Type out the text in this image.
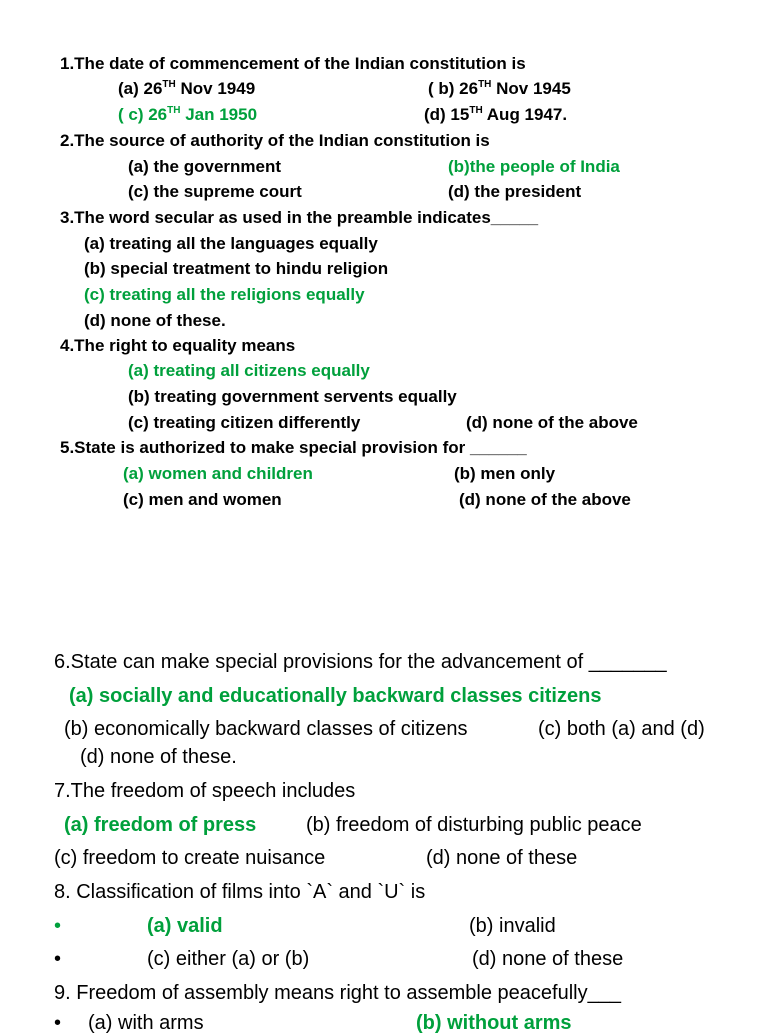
1.The date of commencement of the Indian constitution is
(a) 26TH Nov 1949	( b) 26TH Nov 1945
( c) 26TH Jan 1950	(d) 15TH Aug 1947.
2.The source of authority of the Indian constitution is
(a) the government	(b)the people of India
(c) the supreme court	(d) the president
3.The word secular as used in the preamble indicates_____
(a) treating all the languages equally
(b) special treatment to hindu religion
(c) treating all the religions equally
(d) none of these.
4.The right to equality means
(a) treating all citizens equally
(b) treating government servents equally
(c) treating citizen differently	(d) none of the above
5.State is authorized to make special provision for ______
(a) women and children	(b) men only
(c) men and women	(d) none of the above
6.State can make special provisions for the advancement of _______
(a) socially and educationally backward classes citizens
(b) economically backward classes of citizens	(c) both (a) and (d)
(d) none of these.
7.The freedom of speech includes
(a) freedom of press (b) freedom of disturbing public peace
(c) freedom to create nuisance	(d) none of these
8. Classification of films into `A` and `U` is
•	(a) valid	(b) invalid
•	(c) either (a) or (b)	(d) none of these
9. Freedom of assembly means right to assemble peacefully___
• (a) with arms	(b) without arms
